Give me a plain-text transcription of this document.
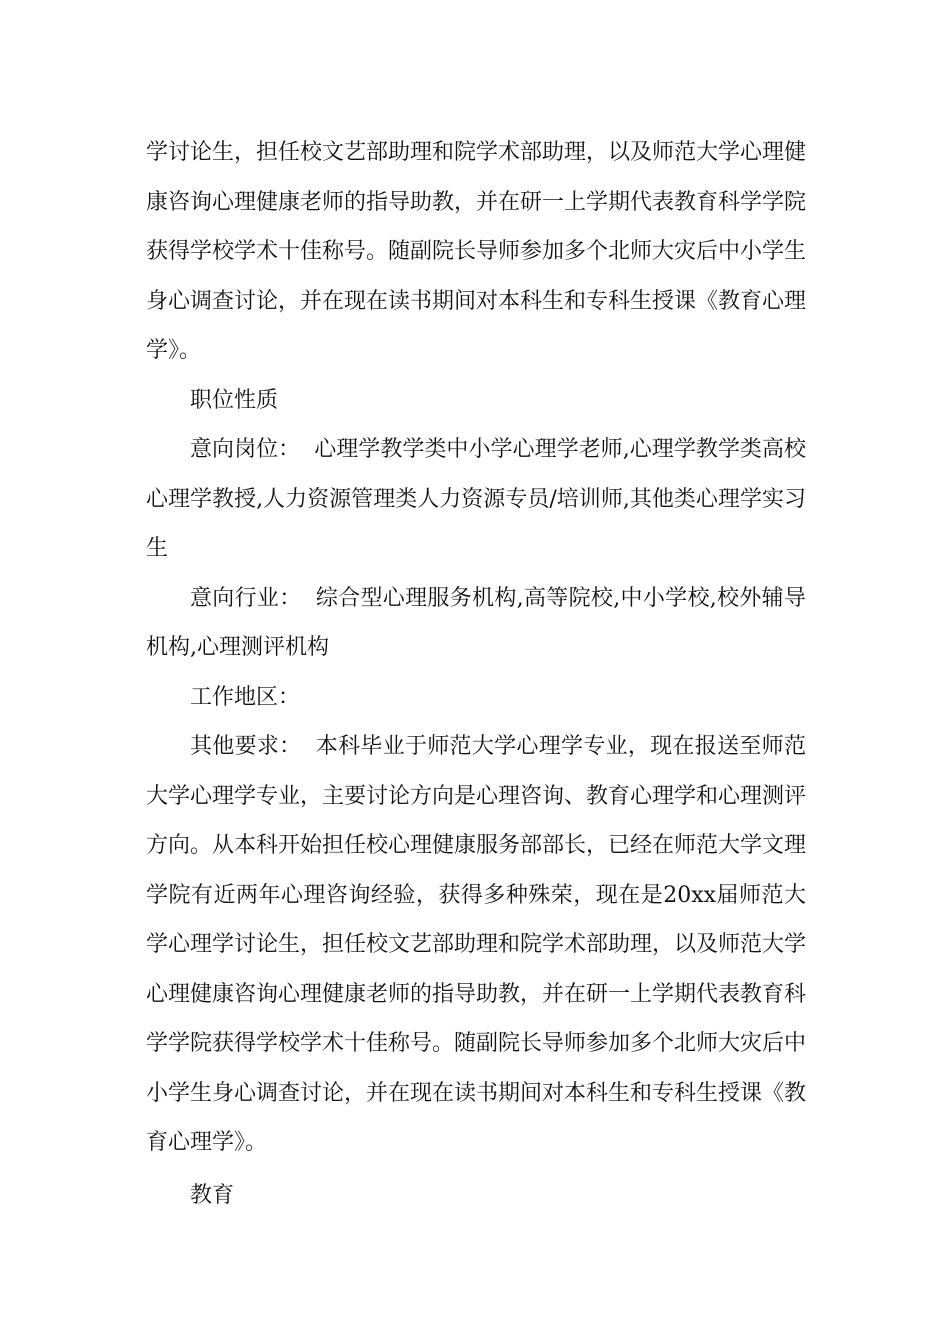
学讨论生，担任校文艺部助理和院学术部助理，以及师范大学心理健康咨询心理健康老师的指导助教，并在研一上学期代表教育科学学院获得学校学术十佳称号。随副院长导师参加多个北师大灾后中小学生身心调查讨论，并在现在读书期间对本科生和专科生授课《教育心理学》。

职位性质

意向岗位： 心理学教学类中小学心理学老师,心理学教学类高校心理学教授,人力资源管理类人力资源专员/培训师,其他类心理学实习生

意向行业： 综合型心理服务机构,高等院校,中小学校,校外辅导机构,心理测评机构

工作地区：

其他要求： 本科毕业于师范大学心理学专业，现在报送至师范大学心理学专业，主要讨论方向是心理咨询、教育心理学和心理测评方向。从本科开始担任校心理健康服务部部长，已经在师范大学文理学院有近两年心理咨询经验，获得多种殊荣，现在是20xx届师范大学心理学讨论生，担任校文艺部助理和院学术部助理，以及师范大学心理健康咨询心理健康老师的指导助教，并在研一上学期代表教育科学学院获得学校学术十佳称号。随副院长导师参加多个北师大灾后中小学生身心调查讨论，并在现在读书期间对本科生和专科生授课《教育心理学》。

教育
